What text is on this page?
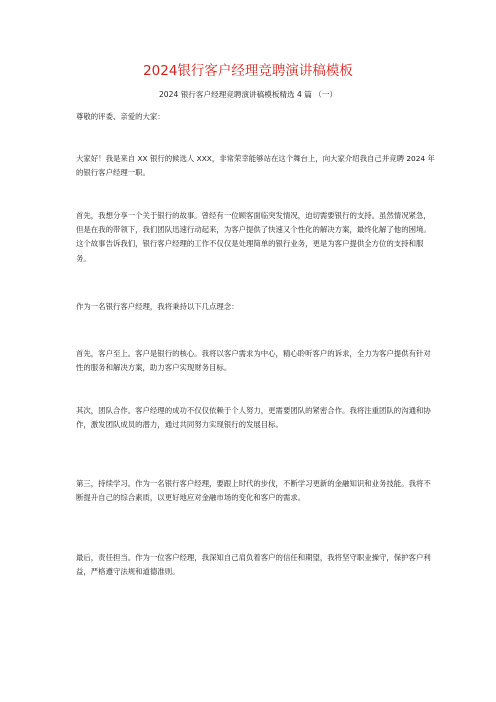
2024银行客户经理竞聘演讲稿模板
2024 银行客户经理竞聘演讲稿模板精选 4 篇 （一）

尊敬的评委、亲爱的大家：

大家好！我是来自 XX 银行的候选人 XXX，非常荣幸能够站在这个舞台上，向大家介绍我自己并竞聘 2024 年的银行客户经理一职。

首先，我想分享一个关于银行的故事。曾经有一位顾客面临突发情况，迫切需要银行的支持。虽然情况紧急，但是在我的带领下，我们团队迅速行动起来，为客户提供了快速又个性化的解决方案，最终化解了他的困境。这个故事告诉我们，银行客户经理的工作不仅仅是处理简单的银行业务，更是为客户提供全方位的支持和服务。

作为一名银行客户经理，我将秉持以下几点理念：

首先，客户至上。客户是银行的核心。我将以客户需求为中心，精心聆听客户的诉求，全力为客户提供有针对性的服务和解决方案，助力客户实现财务目标。

其次，团队合作。客户经理的成功不仅仅依赖于个人努力，更需要团队的紧密合作。我将注重团队的沟通和协作，激发团队成员的潜力，通过共同努力实现银行的发展目标。

第三，持续学习。作为一名银行客户经理，要跟上时代的步伐，不断学习更新的金融知识和业务技能。我将不断提升自己的综合素质，以更好地应对金融市场的变化和客户的需求。

最后，责任担当。作为一位客户经理，我深知自己肩负着客户的信任和期望，我将坚守职业操守，保护客户利益，严格遵守法规和道德准则。
